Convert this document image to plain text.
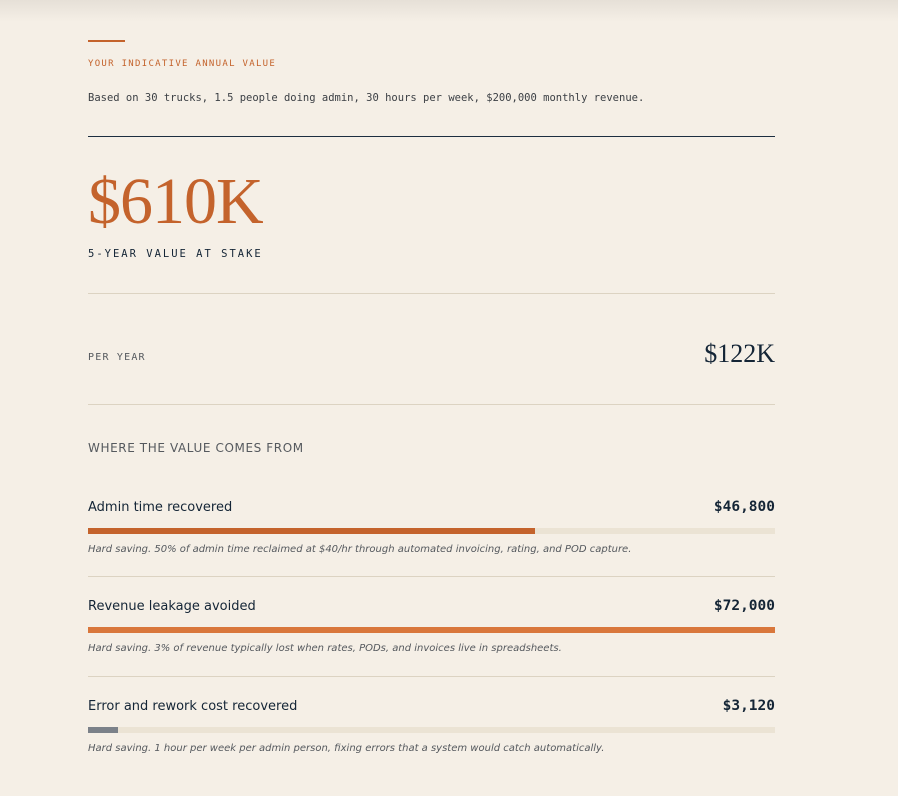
YOUR INDICATIVE ANNUAL VALUE
Based on 30 trucks, 1.5 people doing admin, 30 hours per week, $200,000 monthly revenue.
$610K
5-YEAR VALUE AT STAKE
PER YEAR	$122K
WHERE THE VALUE COMES FROM
Admin time recovered	$46,800
Hard saving. 50% of admin time reclaimed at $40/hr through automated invoicing, rating, and POD capture.
Revenue leakage avoided	$72,000
Hard saving. 3% of revenue typically lost when rates, PODs, and invoices live in spreadsheets.
Error and rework cost recovered	$3,120
Hard saving. 1 hour per week per admin person, fixing errors that a system would catch automatically.
